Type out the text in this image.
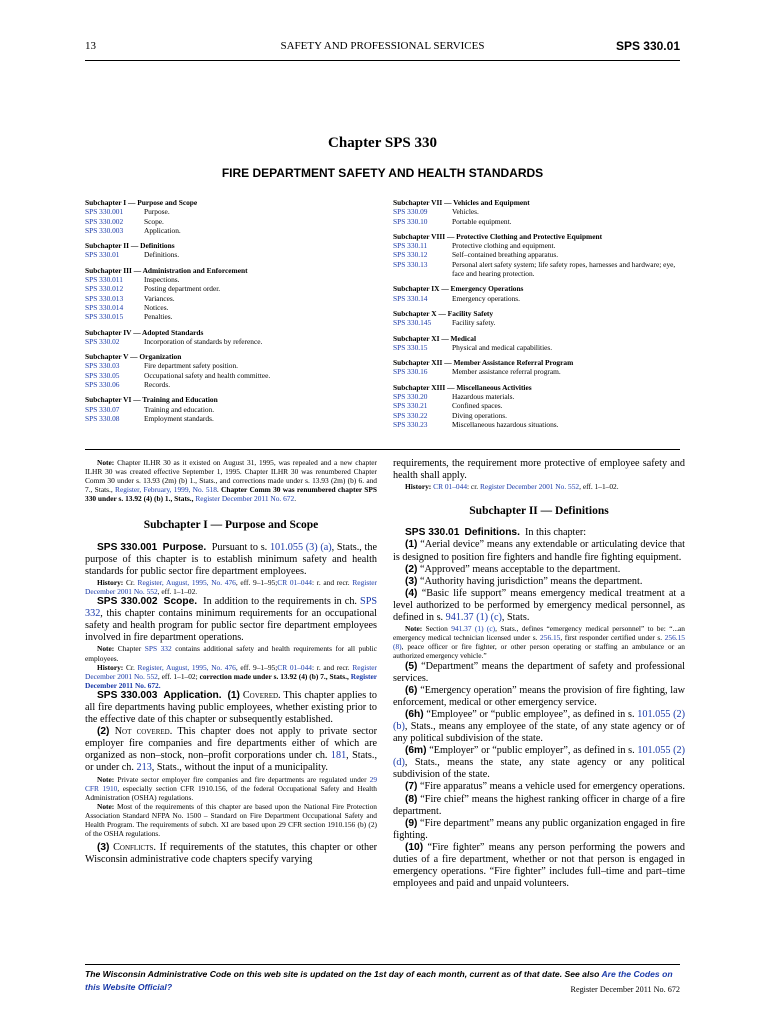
13	SAFETY AND PROFESSIONAL SERVICES	SPS 330.01
Chapter SPS 330
FIRE DEPARTMENT SAFETY AND HEALTH STANDARDS
Subchapter I — Purpose and Scope
SPS 330.001	Purpose.
SPS 330.002	Scope.
SPS 330.003	Application.
Subchapter II — Definitions
SPS 330.01	Definitions.
Subchapter III — Administration and Enforcement
SPS 330.011	Inspections.
SPS 330.012	Posting department order.
SPS 330.013	Variances.
SPS 330.014	Notices.
SPS 330.015	Penalties.
Subchapter IV — Adopted Standards
SPS 330.02	Incorporation of standards by reference.
Subchapter V — Organization
SPS 330.03	Fire department safety position.
SPS 330.05	Occupational safety and health committee.
SPS 330.06	Records.
Subchapter VI — Training and Education
SPS 330.07	Training and education.
SPS 330.08	Employment standards.
Subchapter VII — Vehicles and Equipment
SPS 330.09	Vehicles.
SPS 330.10	Portable equipment.
Subchapter VIII — Protective Clothing and Protective Equipment
SPS 330.11	Protective clothing and equipment.
SPS 330.12	Self–contained breathing apparatus.
SPS 330.13	Personal alert safety system; life safety ropes, harnesses and hardware; eye, face and hearing protection.
Subchapter IX — Emergency Operations
SPS 330.14	Emergency operations.
Subchapter X — Facility Safety
SPS 330.145	Facility safety.
Subchapter XI — Medical
SPS 330.15	Physical and medical capabilities.
Subchapter XII — Member Assistance Referral Program
SPS 330.16	Member assistance referral program.
Subchapter XIII — Miscellaneous Activities
SPS 330.20	Hazardous materials.
SPS 330.21	Confined spaces.
SPS 330.22	Diving operations.
SPS 330.23	Miscellaneous hazardous situations.

Note: Chapter ILHR 30 as it existed on August 31, 1995, was repealed and a new chapter ILHR 30 was created effective September 1, 1995. Chapter ILHR 30 was renumbered Chapter Comm 30 under s. 13.93 (2m) (b) 1., Stats., and corrections made under s. 13.93 (2m) (b) 6. and 7., Stats., Register, February, 1999, No. 518. Chapter Comm 30 was renumbered chapter SPS 330 under s. 13.92 (4) (b) 1., Stats., Register December 2011 No. 672.

Subchapter I — Purpose and Scope

SPS 330.001 Purpose. Pursuant to s. 101.055 (3) (a), Stats., the purpose of this chapter is to establish minimum safety and health standards for public sector fire department employees.

History: Cr. Register, August, 1995, No. 476, eff. 9–1–95;CR 01–044: r. and recr. Register December 2001 No. 552, eff. 1–1–02.

SPS 330.002 Scope. In addition to the requirements in ch. SPS 332, this chapter contains minimum requirements for an occupational safety and health program for public sector fire department employees involved in fire department operations.

Note: Chapter SPS 332 contains additional safety and health requirements for all public employees.

History: Cr. Register, August, 1995, No. 476, eff. 9–1–95;CR 01–044: r. and recr. Register December 2001 No. 552, eff. 1–1–02; correction made under s. 13.92 (4) (b) 7., Stats., Register December 2011 No. 672.

SPS 330.003 Application. (1) Covered. This chapter applies to all fire departments having public employees, whether existing prior to the effective date of this chapter or subsequently established.

(2) Not covered. This chapter does not apply to private sector employer fire companies and fire departments either of which are organized as non–stock, non–profit corporations under ch. 181, Stats., or under ch. 213, Stats., without the input of a municipality.

Note: Private sector employer fire companies and fire departments are regulated under 29 CFR 1910, especially section CFR 1910.156, of the federal Occupational Safety and Health Administration (OSHA) regulations.

Note: Most of the requirements of this chapter are based upon the National Fire Protection Association Standard NFPA No. 1500 – Standard on Fire Department Occupational Safety and Health Program. The requirements of subch. XI are based upon 29 CFR section 1910.156 (b) (2) of the OSHA regulations.

(3) Conflicts. If requirements of the statutes, this chapter or other Wisconsin administrative code chapters specify varying

requirements, the requirement more protective of employee safety and health shall apply.

History: CR 01–044: cr. Register December 2001 No. 552, eff. 1–1–02.

Subchapter II — Definitions

SPS 330.01 Definitions. In this chapter:

(1) “Aerial device” means any extendable or articulating device that is designed to position fire fighters and handle fire fighting equipment.

(2) “Approved” means acceptable to the department.

(3) “Authority having jurisdiction” means the department.

(4) “Basic life support” means emergency medical treatment at a level authorized to be performed by emergency medical personnel, as defined in s. 941.37 (1) (c), Stats.

Note: Section 941.37 (1) (c), Stats., defines “emergency medical personnel” to be: “...an emergency medical technician licensed under s. 256.15, first responder certified under s. 256.15 (8), peace officer or fire fighter, or other person operating or staffing an ambulance or an authorized emergency vehicle.”

(5) “Department” means the department of safety and professional services.

(6) “Emergency operation” means the provision of fire fighting, law enforcement, medical or other emergency service.

(6h) “Employee” or “public employee”, as defined in s. 101.055 (2) (b), Stats., means any employee of the state, of any state agency or of any political subdivision of the state.

(6m) “Employer” or “public employer”, as defined in s. 101.055 (2) (d), Stats., means the state, any state agency or any political subdivision of the state.

(7) “Fire apparatus” means a vehicle used for emergency operations.

(8) “Fire chief” means the highest ranking officer in charge of a fire department.

(9) “Fire department” means any public organization engaged in fire fighting.

(10) “Fire fighter” means any person performing the powers and duties of a fire department, whether or not that person is engaged in emergency operations. “Fire fighter” includes full–time and part–time employees and paid and unpaid volunteers.

The Wisconsin Administrative Code on this web site is updated on the 1st day of each month, current as of that date. See also Are the Codes on this Website Official?	Register December 2011 No. 672
